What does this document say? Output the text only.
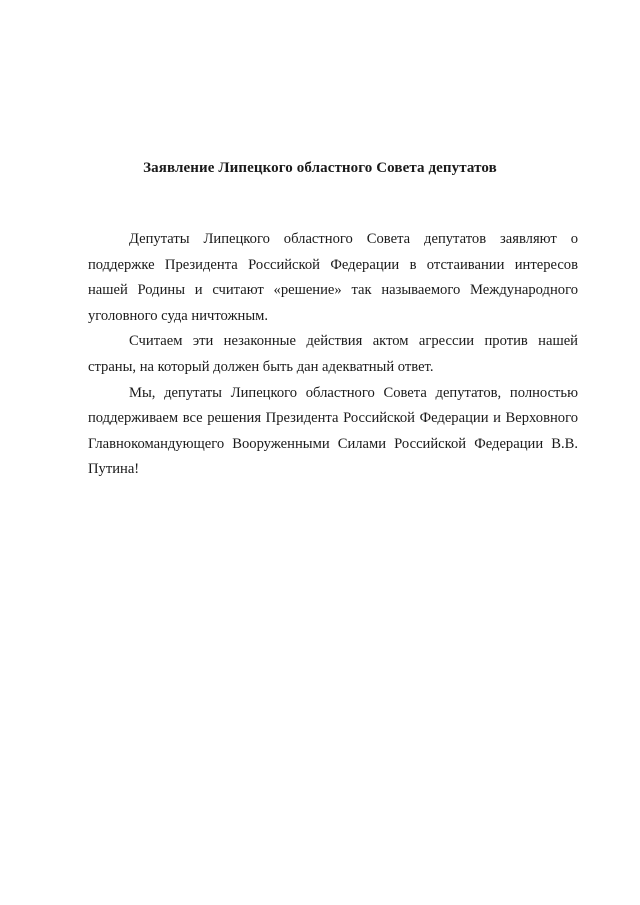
Заявление Липецкого областного Совета депутатов

Депутаты Липецкого областного Совета депутатов заявляют о поддержке Президента Российской Федерации в отстаивании интересов нашей Родины и считают «решение» так называемого Международного уголовного суда ничтожным.

Считаем эти незаконные действия актом агрессии против нашей страны, на который должен быть дан адекватный ответ.

Мы, депутаты Липецкого областного Совета депутатов, полностью поддерживаем все решения Президента Российской Федерации и Верховного Главнокомандующего Вооруженными Силами Российской Федерации В.В. Путина!
